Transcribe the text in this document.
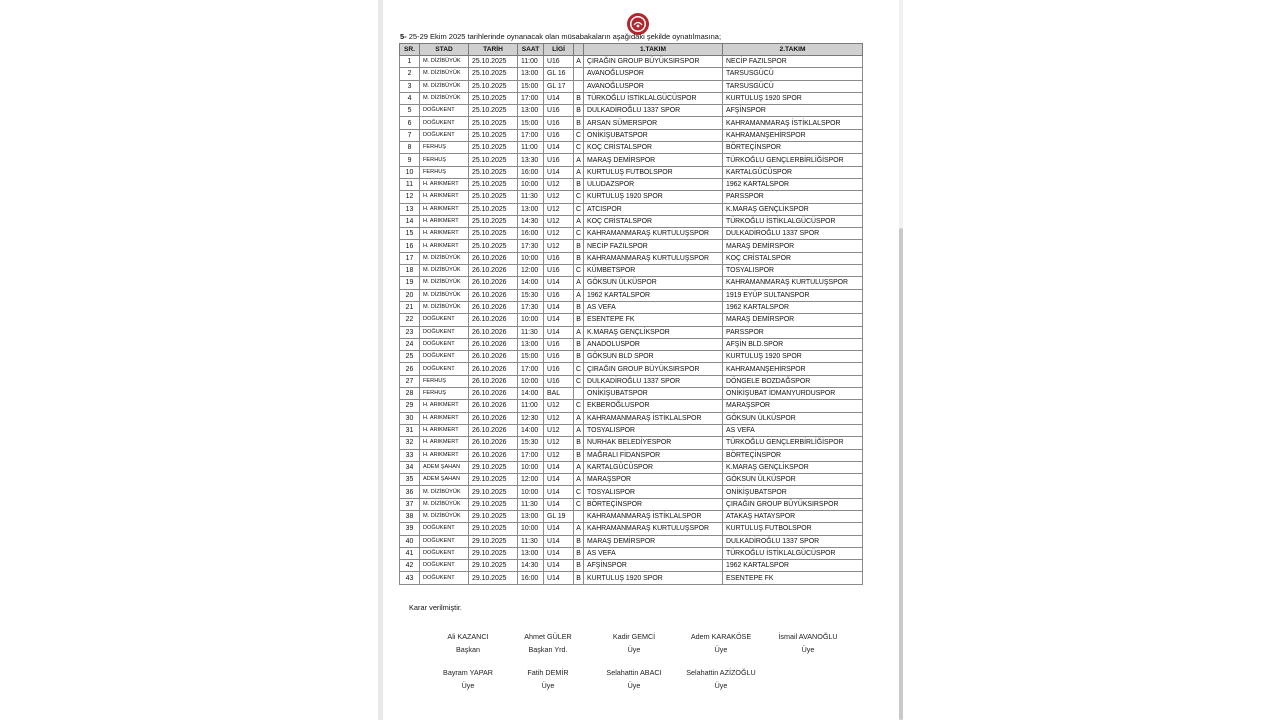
5- 25-29 Ekim 2025 tarihlerinde oynanacak olan müsabakaların aşağıdaki şekilde oynatılmasına;
SR.	STAD	TARİH	SAAT	LİGİ		1.TAKIM	2.TAKIM
1	M. DİZİBÜYÜK	25.10.2025	11:00	U16	A	ÇIRAĞIN GROUP BÜYÜKSIRSPOR	NECİP FAZILSPOR
2	M. DİZİBÜYÜK	25.10.2025	13:00	GL 16		AVANOĞLUSPOR	TARSUSGÜCÜ
3	M. DİZİBÜYÜK	25.10.2025	15:00	GL 17		AVANOĞLUSPOR	TARSUSGÜCÜ
4	M. DİZİBÜYÜK	25.10.2025	17:00	U14	B	TÜRKOĞLU İSTİKLALGÜCÜSPOR	KURTULUŞ 1920 SPOR
5	DOĞUKENT	25.10.2025	13:00	U16	B	DULKADİROĞLU 1337 SPOR	AFŞİNSPOR
6	DOĞUKENT	25.10.2025	15:00	U16	B	ARSAN SÜMERSPOR	KAHRAMANMARAŞ İSTİKLALSPOR
7	DOĞUKENT	25.10.2025	17:00	U16	C	ONİKİŞUBATSPOR	KAHRAMANŞEHİRSPOR
8	FERHUŞ	25.10.2025	11:00	U14	C	KOÇ CRİSTALSPOR	BÖRTEÇİNSPOR
9	FERHUŞ	25.10.2025	13:30	U16	A	MARAŞ DEMİRSPOR	TÜRKOĞLU GENÇLERBİRLİĞİSPOR
10	FERHUŞ	25.10.2025	16:00	U14	A	KURTULUŞ FUTBOLSPOR	KARTALGÜCÜSPOR
11	H. ARIKMERT	25.10.2025	10:00	U12	B	ULUDAZSPOR	1962 KARTALSPOR
12	H. ARIKMERT	25.10.2025	11:30	U12	C	KURTULUŞ 1920 SPOR	PARSSPOR
13	H. ARIKMERT	25.10.2025	13:00	U12	C	ATCISPOR	K.MARAŞ GENÇLİKSPOR
14	H. ARIKMERT	25.10.2025	14:30	U12	A	KOÇ CRİSTALSPOR	TÜRKOĞLU İSTİKLALGÜCÜSPOR
15	H. ARIKMERT	25.10.2025	16:00	U12	C	KAHRAMANMARAŞ KURTULUŞSPOR	DULKADİROĞLU 1337 SPOR
16	H. ARIKMERT	25.10.2025	17:30	U12	B	NECİP FAZILSPOR	MARAŞ DEMİRSPOR
17	M. DİZİBÜYÜK	26.10.2026	10:00	U16	B	KAHRAMANMARAŞ KURTULUŞSPOR	KOÇ CRİSTALSPOR
18	M. DİZİBÜYÜK	26.10.2026	12:00	U16	C	KÜMBETSPOR	TOSYALISPOR
19	M. DİZİBÜYÜK	26.10.2026	14:00	U14	A	GÖKSUN ÜLKÜSPOR	KAHRAMANMARAŞ KURTULUŞSPOR
20	M. DİZİBÜYÜK	26.10.2026	15:30	U16	A	1962 KARTALSPOR	1919 EYÜP SULTANSPOR
21	M. DİZİBÜYÜK	26.10.2026	17:30	U14	B	AS VEFA	1962 KARTALSPOR
22	DOĞUKENT	26.10.2026	10:00	U14	B	ESENTEPE FK	MARAŞ DEMİRSPOR
23	DOĞUKENT	26.10.2026	11:30	U14	A	K.MARAŞ GENÇLİKSPOR	PARSSPOR
24	DOĞUKENT	26.10.2026	13:00	U16	B	ANADOLUSPOR	AFŞİN BLD.SPOR
25	DOĞUKENT	26.10.2026	15:00	U16	B	GÖKSUN BLD SPOR	KURTULUŞ 1920 SPOR
26	DOĞUKENT	26.10.2026	17:00	U16	C	ÇIRAĞIN GROUP BÜYÜKSIRSPOR	KAHRAMANŞEHİRSPOR
27	FERHUŞ	26.10.2026	10:00	U16	C	DULKADİROĞLU 1337 SPOR	DÖNGELE BOZDAĞSPOR
28	FERHUŞ	26.10.2026	14:00	BAL		ONİKİŞUBATSPOR	ONİKİŞUBAT İDMANYURDUSPOR
29	H. ARIKMERT	26.10.2026	11:00	U12	C	EKBEROĞLUSPOR	MARAŞSPOR
30	H. ARIKMERT	26.10.2026	12:30	U12	A	KAHRAMANMARAŞ İSTİKLALSPOR	GÖKSUN ÜLKÜSPOR
31	H. ARIKMERT	26.10.2026	14:00	U12	A	TOSYALISPOR	AS VEFA
32	H. ARIKMERT	26.10.2026	15:30	U12	B	NURHAK BELEDİYESPOR	TÜRKOĞLU GENÇLERBİRLİĞİSPOR
33	H. ARIKMERT	26.10.2026	17:00	U12	B	MAĞRALI FİDANSPOR	BÖRTEÇİNSPOR
34	ADEM ŞAHAN	29.10.2025	10:00	U14	A	KARTALGÜCÜSPOR	K.MARAŞ GENÇLİKSPOR
35	ADEM ŞAHAN	29.10.2025	12:00	U14	A	MARAŞSPOR	GÖKSUN ÜLKÜSPOR
36	M. DİZİBÜYÜK	29.10.2025	10:00	U14	C	TOSYALISPOR	ONİKİŞUBATSPOR
37	M. DİZİBÜYÜK	29.10.2025	11:30	U14	C	BÖRTEÇİNSPOR	ÇIRAĞIN GROUP BÜYÜKSIRSPOR
38	M. DİZİBÜYÜK	29.10.2025	13:00	GL 19		KAHRAMANMARAŞ İSTİKLALSPOR	ATAKAŞ HATAYSPOR
39	DOĞUKENT	29.10.2025	10:00	U14	A	KAHRAMANMARAŞ KURTULUŞSPOR	KURTULUŞ FUTBOLSPOR
40	DOĞUKENT	29.10.2025	11:30	U14	B	MARAŞ DEMİRSPOR	DULKADİROĞLU 1337 SPOR
41	DOĞUKENT	29.10.2025	13:00	U14	B	AS VEFA	TÜRKOĞLU İSTİKLALGÜCÜSPOR
42	DOĞUKENT	29.10.2025	14:30	U14	B	AFŞİNSPOR	1962 KARTALSPOR
43	DOĞUKENT	29.10.2025	16:00	U14	B	KURTULUŞ 1920 SPOR	ESENTEPE FK
Karar verilmiştir.
Ali KAZANCI
Başkan
Ahmet GÜLER
Başkan Yrd.
Kadir GEMCİ
Üye
Adem KARAKÖSE
Üye
İsmail AVANOĞLU
Üye
Bayram YAPAR
Üye
Fatih DEMİR
Üye
Selahattin ABACI
Üye
Selahattin AZİZOĞLU
Üye
